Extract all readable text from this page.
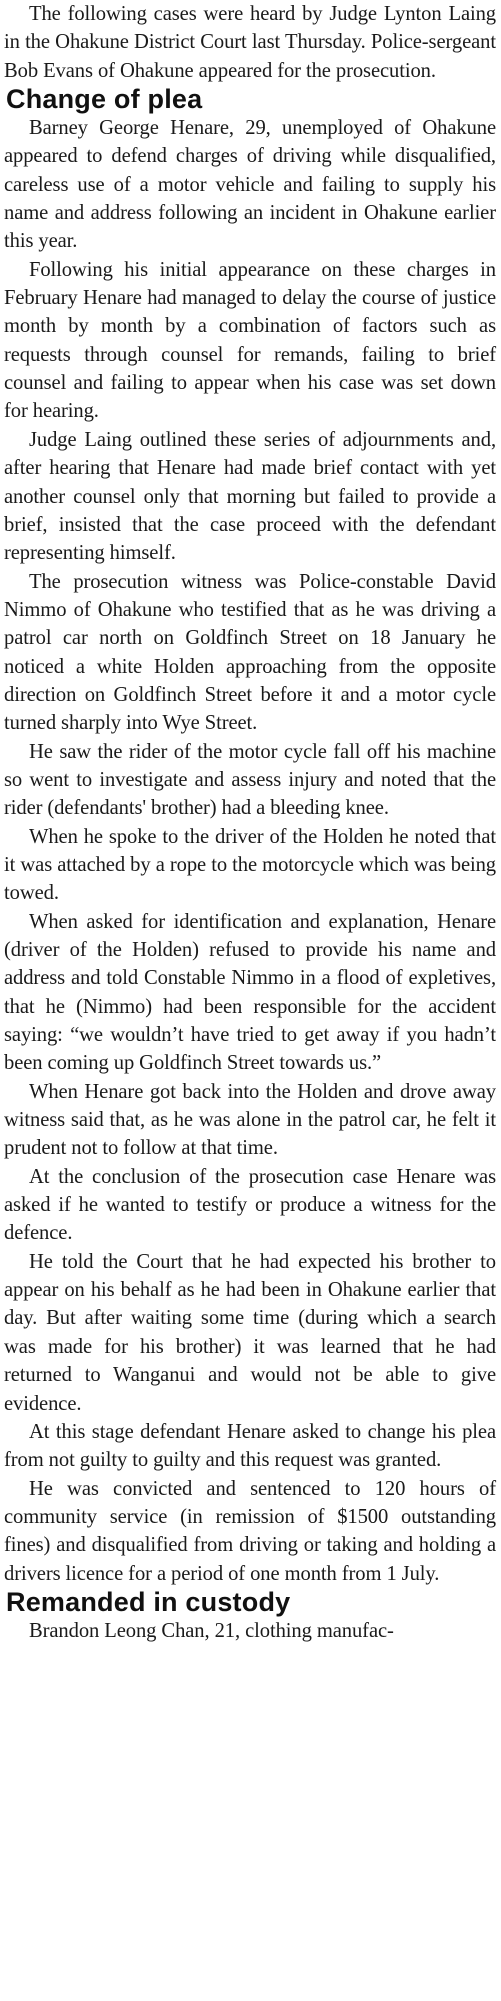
The following cases were heard by Judge Lynton Laing in the Ohakune District Court last Thursday. Police-sergeant Bob Evans of Ohakune appeared for the prosecution.

Change of plea

Barney George Henare, 29, unemployed of Ohakune appeared to defend charges of driving while disqualified, careless use of a motor vehicle and failing to supply his name and address following an incident in Ohakune earlier this year.

Following his initial appearance on these charges in February Henare had managed to delay the course of justice month by month by a combination of factors such as requests through counsel for remands, failing to brief counsel and failing to appear when his case was set down for hearing.

Judge Laing outlined these series of adjournments and, after hearing that Henare had made brief contact with yet another counsel only that morning but failed to provide a brief, insisted that the case proceed with the defendant representing himself.

The prosecution witness was Police-constable David Nimmo of Ohakune who testified that as he was driving a patrol car north on Goldfinch Street on 18 January he noticed a white Holden approaching from the opposite direction on Goldfinch Street before it and a motor cycle turned sharply into Wye Street.

He saw the rider of the motor cycle fall off his machine so went to investigate and assess injury and noted that the rider (defendants' brother) had a bleeding knee.

When he spoke to the driver of the Holden he noted that it was attached by a rope to the motorcycle which was being towed.

When asked for identification and explanation, Henare (driver of the Holden) refused to provide his name and address and told Constable Nimmo in a flood of expletives, that he (Nimmo) had been responsible for the accident saying: “we wouldn’t have tried to get away if you hadn’t been coming up Goldfinch Street towards us.”

When Henare got back into the Holden and drove away witness said that, as he was alone in the patrol car, he felt it prudent not to follow at that time.

At the conclusion of the prosecution case Henare was asked if he wanted to testify or produce a witness for the defence.

He told the Court that he had expected his brother to appear on his behalf as he had been in Ohakune earlier that day. But after waiting some time (during which a search was made for his brother) it was learned that he had returned to Wanganui and would not be able to give evidence.

At this stage defendant Henare asked to change his plea from not guilty to guilty and this request was granted.

He was convicted and sentenced to 120 hours of community service (in remission of $1500 outstanding fines) and disqualified from driving or taking and holding a drivers licence for a period of one month from 1 July.

Remanded in custody

Brandon Leong Chan, 21, clothing manufac-
